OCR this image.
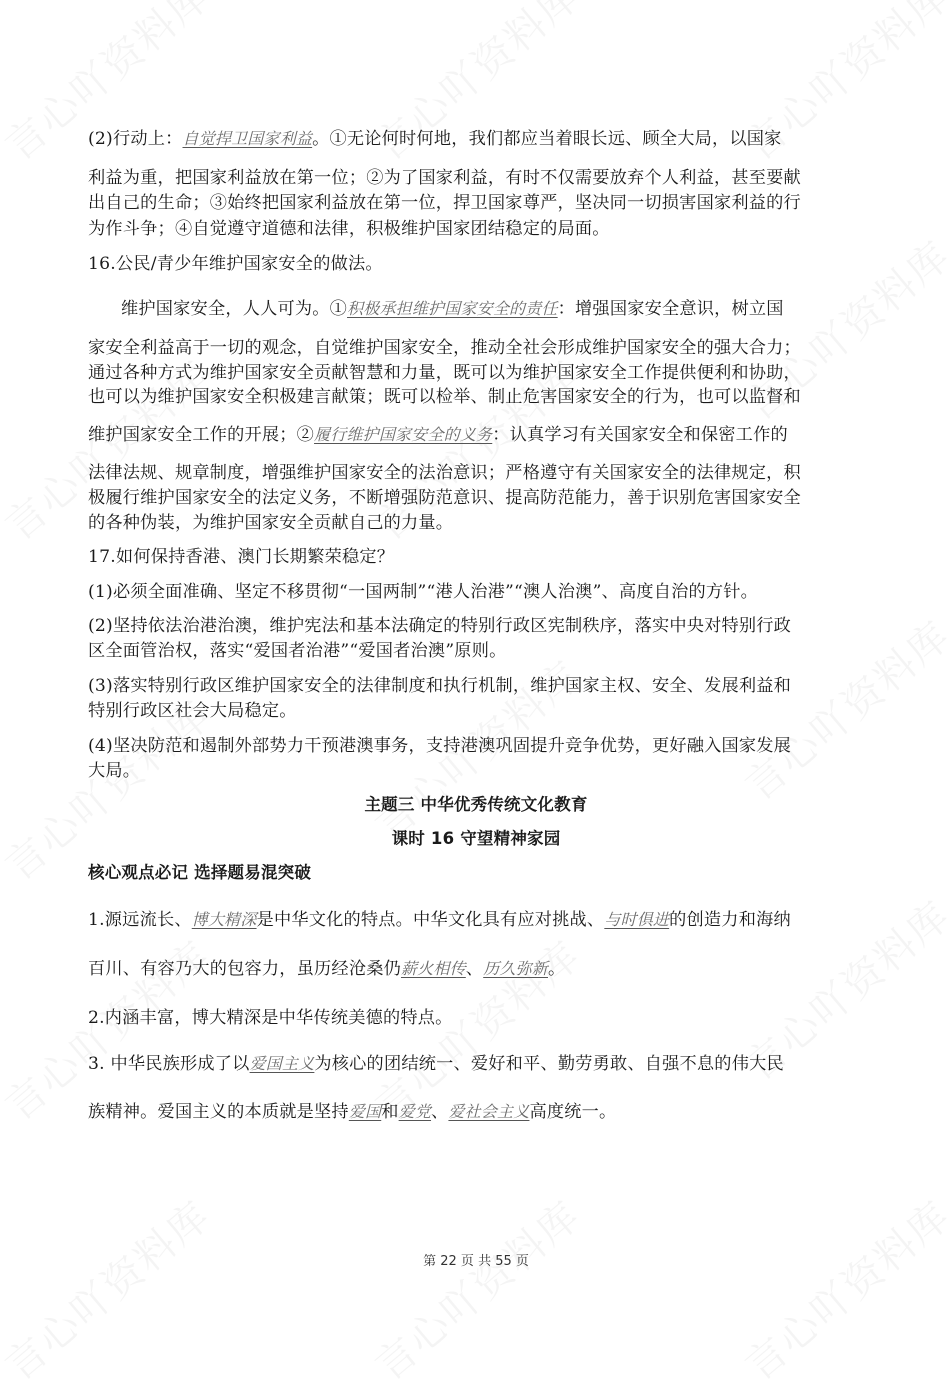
(2)行动上：自觉捍卫国家利益。①无论何时何地，我们都应当着眼长远、顾全大局，以国家
利益为重，把国家利益放在第一位；②为了国家利益，有时不仅需要放弃个人利益，甚至要献
出自己的生命；③始终把国家利益放在第一位，捍卫国家尊严，坚决同一切损害国家利益的行
为作斗争；④自觉遵守道德和法律，积极维护国家团结稳定的局面。
16.公民/青少年维护国家安全的做法。
维护国家安全，人人可为。①积极承担维护国家安全的责任：增强国家安全意识，树立国
家安全利益高于一切的观念，自觉维护国家安全，推动全社会形成维护国家安全的强大合力；
通过各种方式为维护国家安全贡献智慧和力量，既可以为维护国家安全工作提供便利和协助，
也可以为维护国家安全积极建言献策；既可以检举、制止危害国家安全的行为，也可以监督和
维护国家安全工作的开展；②履行维护国家安全的义务：认真学习有关国家安全和保密工作的
法律法规、规章制度，增强维护国家安全的法治意识；严格遵守有关国家安全的法律规定，积
极履行维护国家安全的法定义务，不断增强防范意识、提高防范能力，善于识别危害国家安全
的各种伪装，为维护国家安全贡献自己的力量。
17.如何保持香港、澳门长期繁荣稳定？
(1)必须全面准确、坚定不移贯彻“一国两制”“港人治港”“澳人治澳”、高度自治的方针。
(2)坚持依法治港治澳，维护宪法和基本法确定的特别行政区宪制秩序，落实中央对特别行政
区全面管治权，落实“爱国者治港”“爱国者治澳”原则。
(3)落实特别行政区维护国家安全的法律制度和执行机制，维护国家主权、安全、发展利益和
特别行政区社会大局稳定。
(4)坚决防范和遏制外部势力干预港澳事务，支持港澳巩固提升竞争优势，更好融入国家发展
大局。
主题三 中华优秀传统文化教育
课时 16 守望精神家园
核心观点必记 选择题易混突破
1.源远流长、博大精深是中华文化的特点。中华文化具有应对挑战、与时俱进的创造力和海纳
百川、有容乃大的包容力，虽历经沧桑仍薪火相传、历久弥新。
2.内涵丰富，博大精深是中华传统美德的特点。
3. 中华民族形成了以爱国主义为核心的团结统一、爱好和平、勤劳勇敢、自强不息的伟大民
族精神。爱国主义的本质就是坚持爱国和爱党、爱社会主义高度统一。
第 22 页 共 55 页
